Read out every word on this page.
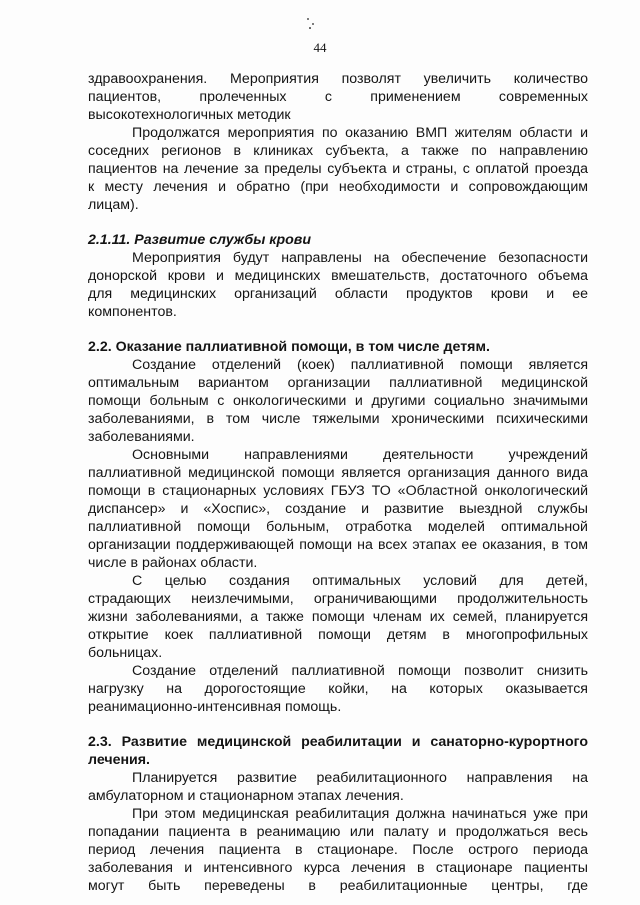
44
здравоохранения. Мероприятия позволят увеличить количество
пациентов, пролеченных с применением современных
высокотехнологичных методик
Продолжатся мероприятия по оказанию ВМП жителям области и
соседних регионов в клиниках субъекта, а также по направлению
пациентов на лечение за пределы субъекта и страны, с оплатой проезда
к месту лечения и обратно (при необходимости и сопровождающим
лицам).
2.1.11. Развитие службы крови
Мероприятия будут направлены на обеспечение безопасности
донорской крови и медицинских вмешательств, достаточного объема
для медицинских организаций области продуктов крови и ее
компонентов.
2.2. Оказание паллиативной помощи, в том числе детям.
Создание отделений (коек) паллиативной помощи является
оптимальным вариантом организации паллиативной медицинской
помощи больным с онкологическими и другими социально значимыми
заболеваниями, в том числе тяжелыми хроническими психическими
заболеваниями.
Основными направлениями деятельности учреждений
паллиативной медицинской помощи является организация данного вида
помощи в стационарных условиях ГБУЗ ТО «Областной онкологический
диспансер» и «Хоспис», создание и развитие выездной службы
паллиативной помощи больным, отработка моделей оптимальной
организации поддерживающей помощи на всех этапах ее оказания, в том
числе в районах области.
С целью создания оптимальных условий для детей,
страдающих неизлечимыми, ограничивающими продолжительность
жизни заболеваниями, а также помощи членам их семей, планируется
открытие коек паллиативной помощи детям в многопрофильных
больницах.
Создание отделений паллиативной помощи позволит снизить
нагрузку на дорогостоящие койки, на которых оказывается
реанимационно-интенсивная помощь.
2.3. Развитие медицинской реабилитации и санаторно-курортного
лечения.
Планируется развитие реабилитационного направления на
амбулаторном и стационарном этапах лечения.
При этом медицинская реабилитация должна начинаться уже при
попадании пациента в реанимацию или палату и продолжаться весь
период лечения пациента в стационаре. После острого периода
заболевания и интенсивного курса лечения в стационаре пациенты
могут быть переведены в реабилитационные центры, где
